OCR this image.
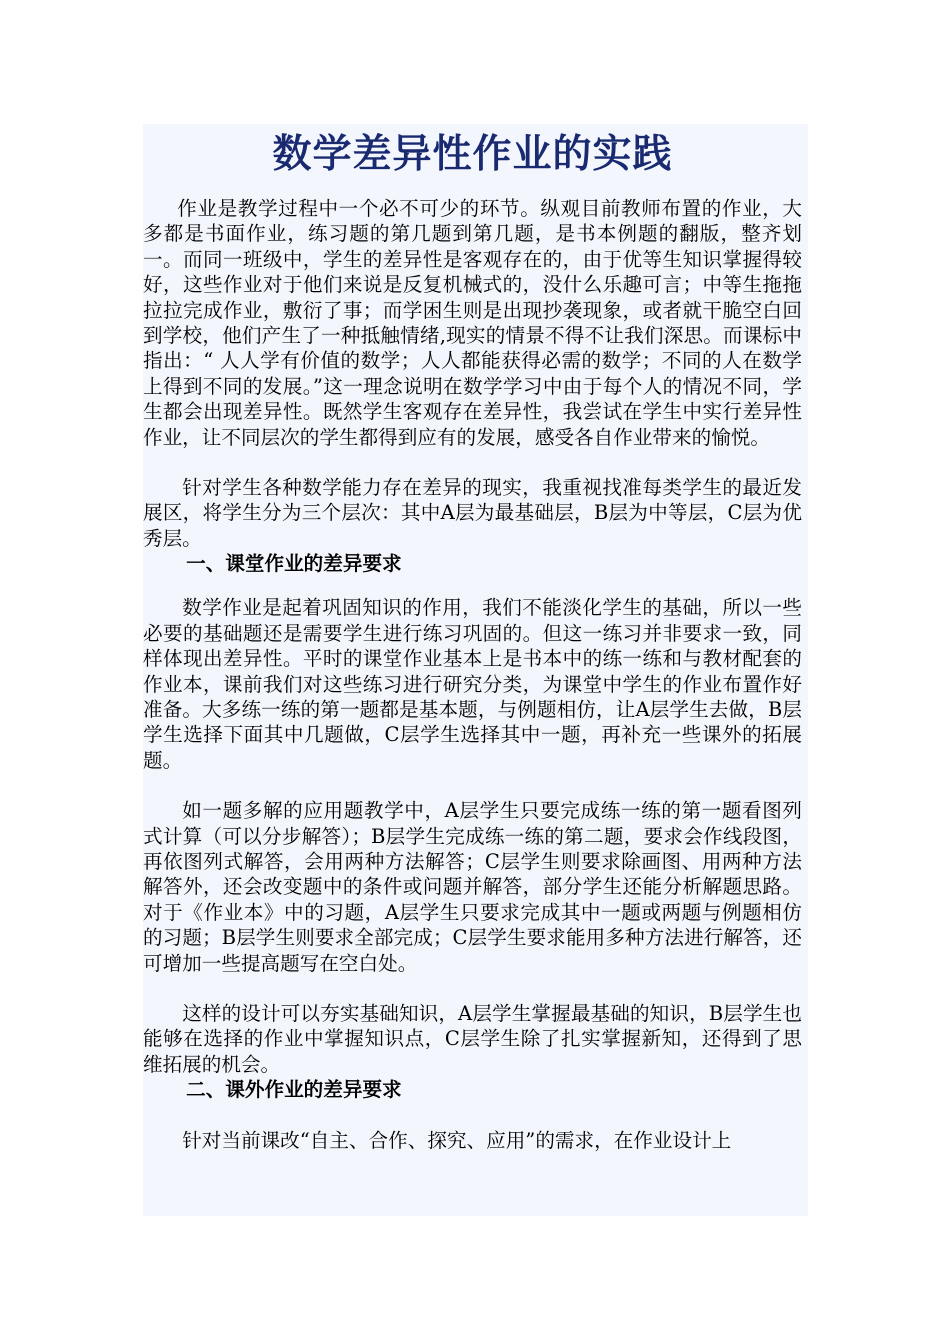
数学差异性作业的实践

作业是教学过程中一个必不可少的环节。纵观目前教师布置的作业，大多都是书面作业，练习题的第几题到第几题，是书本例题的翻版，整齐划一。而同一班级中，学生的差异性是客观存在的，由于优等生知识掌握得较好，这些作业对于他们来说是反复机械式的，没什么乐趣可言；中等生拖拖拉拉完成作业，敷衍了事；而学困生则是出现抄袭现象，或者就干脆空白回到学校，他们产生了一种抵触情绪,现实的情景不得不让我们深思。而课标中指出：“ 人人学有价值的数学；人人都能获得必需的数学；不同的人在数学上得到不同的发展。”这一理念说明在数学学习中由于每个人的情况不同，学生都会出现差异性。既然学生客观存在差异性，我尝试在学生中实行差异性作业，让不同层次的学生都得到应有的发展，感受各自作业带来的愉悦。

针对学生各种数学能力存在差异的现实，我重视找准每类学生的最近发展区，将学生分为三个层次：其中A层为最基础层，B层为中等层，C层为优秀层。

一、课堂作业的差异要求

数学作业是起着巩固知识的作用，我们不能淡化学生的基础，所以一些必要的基础题还是需要学生进行练习巩固的。但这一练习并非要求一致，同样体现出差异性。平时的课堂作业基本上是书本中的练一练和与教材配套的作业本，课前我们对这些练习进行研究分类，为课堂中学生的作业布置作好准备。大多练一练的第一题都是基本题，与例题相仿，让A层学生去做，B层学生选择下面其中几题做，C层学生选择其中一题，再补充一些课外的拓展题。

如一题多解的应用题教学中，A层学生只要完成练一练的第一题看图列式计算（可以分步解答）；B层学生完成练一练的第二题，要求会作线段图，再依图列式解答，会用两种方法解答；C层学生则要求除画图、用两种方法解答外，还会改变题中的条件或问题并解答，部分学生还能分析解题思路。对于《作业本》中的习题，A层学生只要求完成其中一题或两题与例题相仿的习题；B层学生则要求全部完成；C层学生要求能用多种方法进行解答，还可增加一些提高题写在空白处。

这样的设计可以夯实基础知识，A层学生掌握最基础的知识，B层学生也能够在选择的作业中掌握知识点，C层学生除了扎实掌握新知，还得到了思维拓展的机会。

二、课外作业的差异要求

针对当前课改“自主、合作、探究、应用”的需求，在作业设计上
